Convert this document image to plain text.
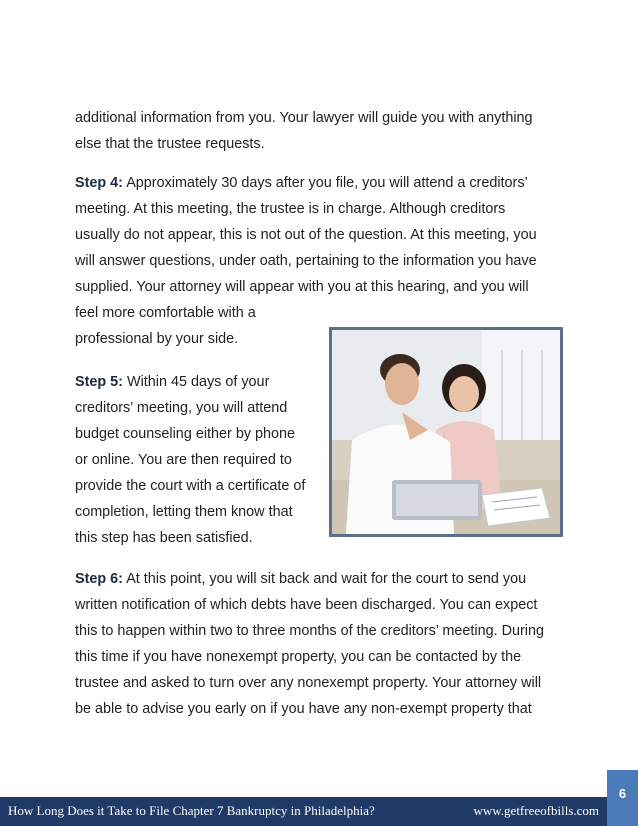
additional information from you. Your lawyer will guide you with anything
else that the trustee requests.
Step 4: Approximately 30 days after you file, you will attend a creditors’
meeting. At this meeting, the trustee is in charge. Although creditors
usually do not appear, this is not out of the question. At this meeting, you
will answer questions, under oath, pertaining to the information you have
supplied. Your attorney will appear with you at this hearing, and you will
feel more comfortable with a
professional by your side.
Step 5: Within 45 days of your
creditors’ meeting, you will attend
budget counseling either by phone
or online. You are then required to
provide the court with a certificate of
completion, letting them know that
this step has been satisfied.
Step 6: At this point, you will sit back and wait for the court to send you
written notification of which debts have been discharged. You can expect
this to happen within two to three months of the creditors’ meeting. During
this time if you have nonexempt property, you can be contacted by the
trustee and asked to turn over any nonexempt property. Your attorney will
be able to advise you early on if you have any non-exempt property that
6
How Long Does it Take to File Chapter 7 Bankruptcy in Philadelphia?	www.getfreeofbills.com
